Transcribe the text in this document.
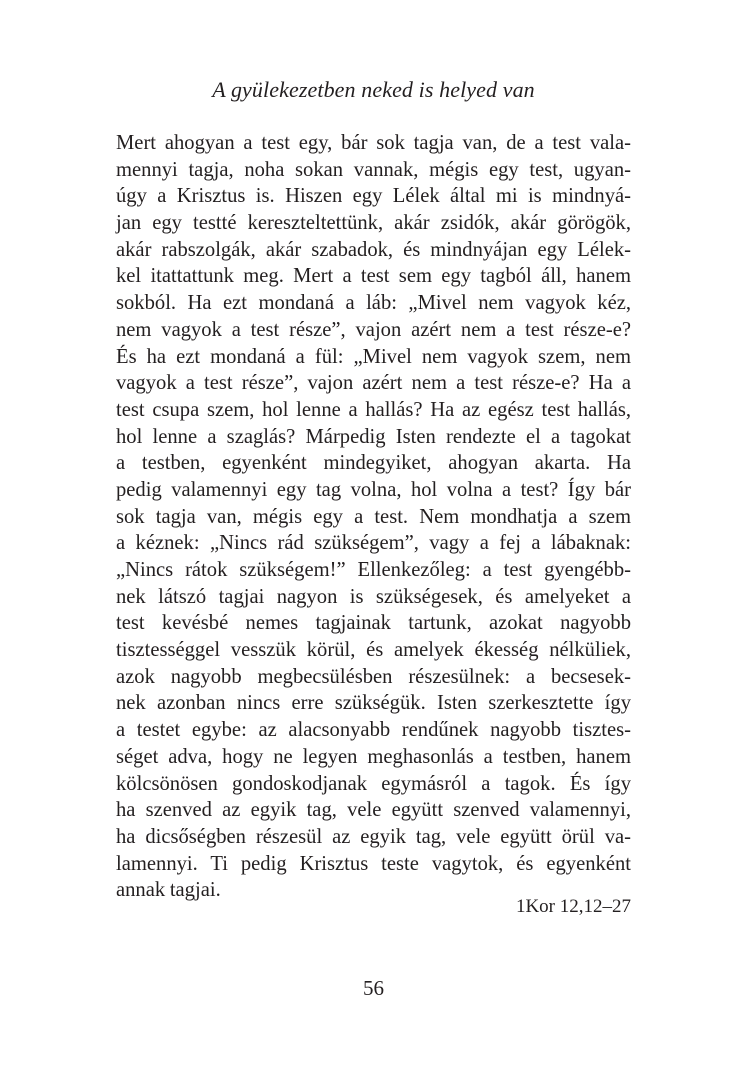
A gyülekezetben neked is helyed van
Mert ahogyan a test egy, bár sok tagja van, de a test vala-
mennyi tagja, noha sokan vannak, mégis egy test, ugyan-
úgy a Krisztus is. Hiszen egy Lélek által mi is mindnyá-
jan egy testté kereszteltettünk, akár zsidók, akár görögök,
akár rabszolgák, akár szabadok, és mindnyájan egy Lélek-
kel itattattunk meg. Mert a test sem egy tagból áll, hanem
sokból. Ha ezt mondaná a láb: „Mivel nem vagyok kéz,
nem vagyok a test része”, vajon azért nem a test része-e?
És ha ezt mondaná a fül: „Mivel nem vagyok szem, nem
vagyok a test része”, vajon azért nem a test része-e? Ha a
test csupa szem, hol lenne a hallás? Ha az egész test hallás,
hol lenne a szaglás? Márpedig Isten rendezte el a tagokat
a testben, egyenként mindegyiket, ahogyan akarta. Ha
pedig valamennyi egy tag volna, hol volna a test? Így bár
sok tagja van, mégis egy a test. Nem mondhatja a szem
a kéznek: „Nincs rád szükségem”, vagy a fej a lábaknak:
„Nincs rátok szükségem!” Ellenkezőleg: a test gyengébb-
nek látszó tagjai nagyon is szükségesek, és amelyeket a
test kevésbé nemes tagjainak tartunk, azokat nagyobb
tisztességgel vesszük körül, és amelyek ékesség nélküliek,
azok nagyobb megbecsülésben részesülnek: a becsesek-
nek azonban nincs erre szükségük. Isten szerkesztette így
a testet egybe: az alacsonyabb rendűnek nagyobb tisztes-
séget adva, hogy ne legyen meghasonlás a testben, hanem
kölcsönösen gondoskodjanak egymásról a tagok. És így
ha szenved az egyik tag, vele együtt szenved valamennyi,
ha dicsőségben részesül az egyik tag, vele együtt örül va-
lamennyi. Ti pedig Krisztus teste vagytok, és egyenként
annak tagjai.
1Kor 12,12–27
56
